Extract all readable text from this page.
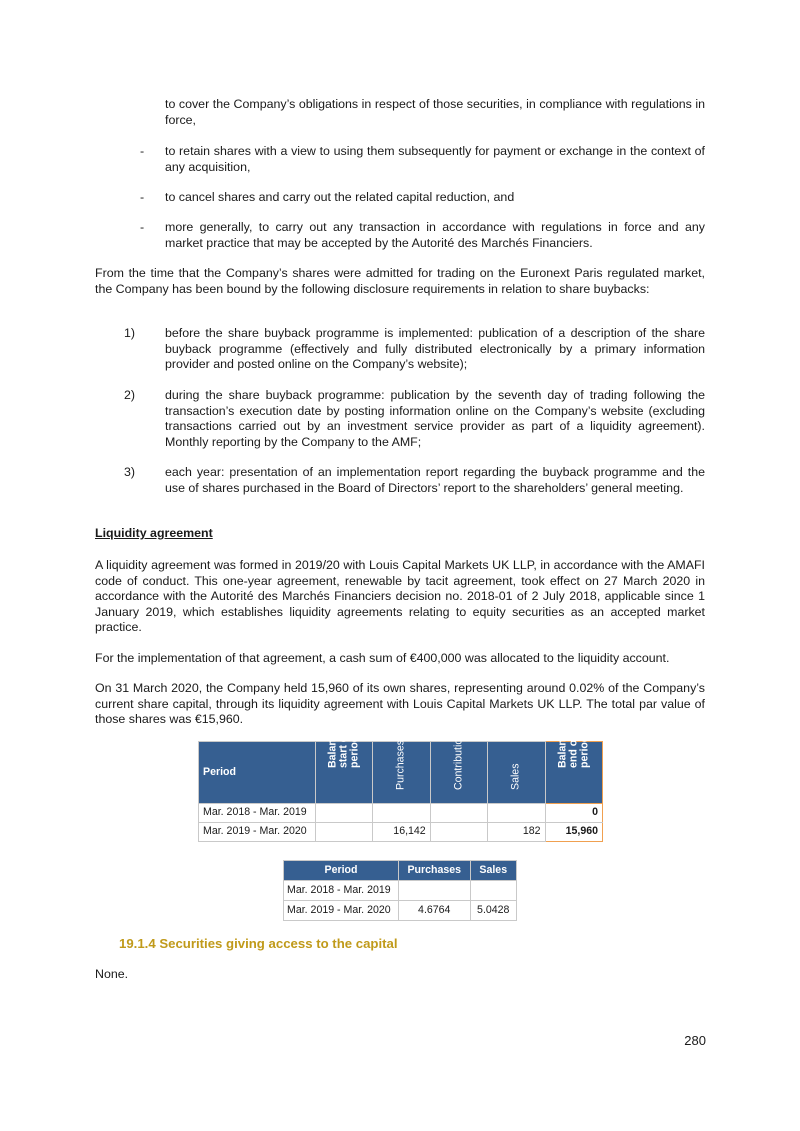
to cover the Company’s obligations in respect of those securities, in compliance with regulations in force,
-	to retain shares with a view to using them subsequently for payment or exchange in the context of any acquisition,
-	to cancel shares and carry out the related capital reduction, and
-	more generally, to carry out any transaction in accordance with regulations in force and any market practice that may be accepted by the Autorité des Marchés Financiers.
From the time that the Company’s shares were admitted for trading on the Euronext Paris regulated market, the Company has been bound by the following disclosure requirements in relation to share buybacks:
1)	before the share buyback programme is implemented: publication of a description of the share buyback programme (effectively and fully distributed electronically by a primary information provider and posted online on the Company’s website);
2)	during the share buyback programme: publication by the seventh day of trading following the transaction’s execution date by posting information online on the Company’s website (excluding transactions carried out by an investment service provider as part of a liquidity agreement). Monthly reporting by the Company to the AMF;
3)	each year: presentation of an implementation report regarding the buyback programme and the use of shares purchased in the Board of Directors’ report to the shareholders’ general meeting.
Liquidity agreement
A liquidity agreement was formed in 2019/20 with Louis Capital Markets UK LLP, in accordance with the AMAFI code of conduct. This one-year agreement, renewable by tacit agreement, took effect on 27 March 2020 in accordance with the Autorité des Marchés Financiers decision no. 2018-01 of 2 July 2018, applicable since 1 January 2019, which establishes liquidity agreements relating to equity securities as an accepted market practice.
For the implementation of that agreement, a cash sum of €400,000 was allocated to the liquidity account.
On 31 March 2020, the Company held 15,960 of its own shares, representing around 0.02% of the Company’s current share capital, through its liquidity agreement with Louis Capital Markets UK LLP. The total par value of those shares was €15,960.
Period	Balance at start of period	Purchases	Contributions	Sales	Balance at end of period

Mar. 2018 - Mar. 2019					0
Mar. 2019 - Mar. 2020		16,142		182	15,960
Period	Purchases	Sales
Mar. 2018 - Mar. 2019		
Mar. 2019 - Mar. 2020	4.6764	5.0428
19.1.4 Securities giving access to the capital
None.
280
